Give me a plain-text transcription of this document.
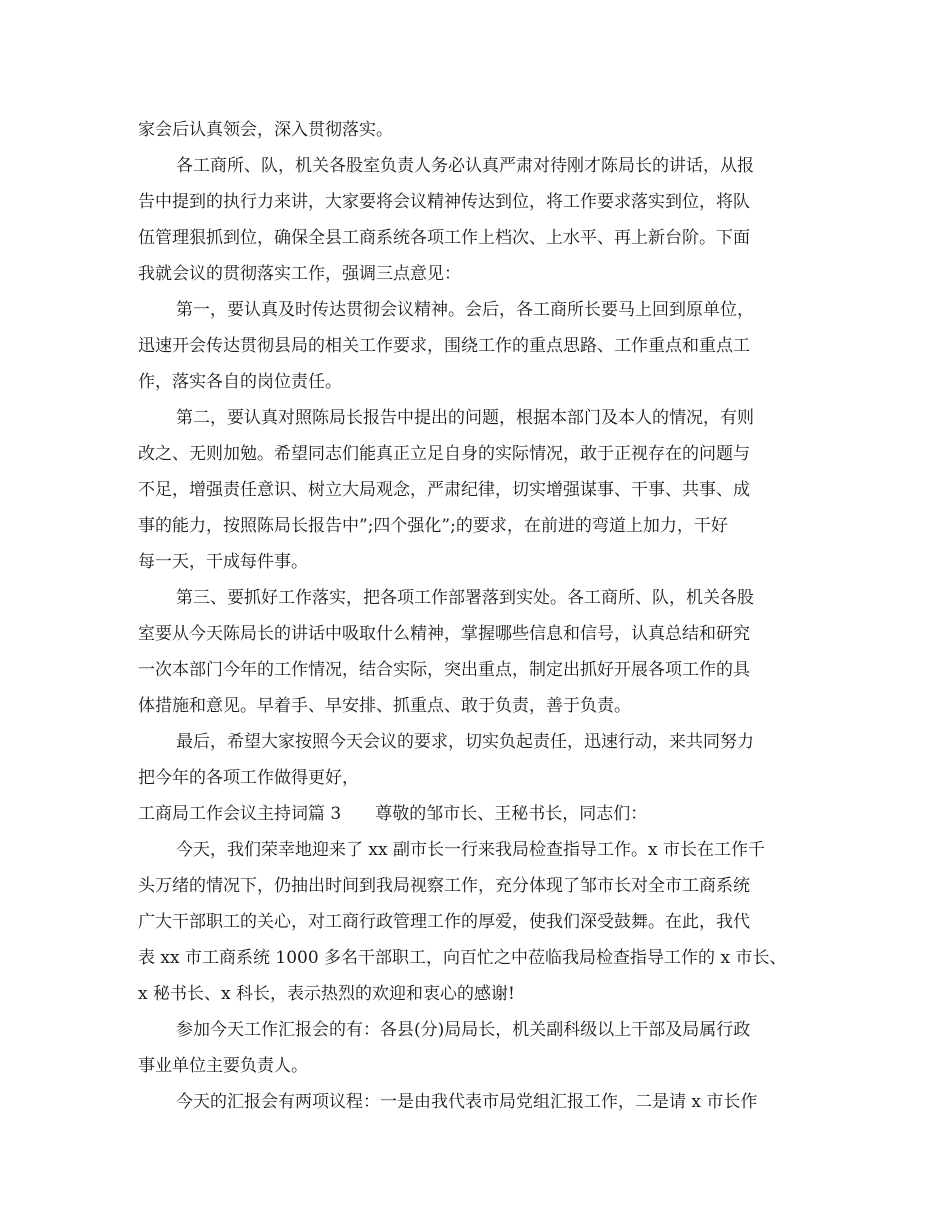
家会后认真领会，深入贯彻落实。
各工商所、队，机关各股室负责人务必认真严肃对待刚才陈局长的讲话，从报
告中提到的执行力来讲，大家要将会议精神传达到位，将工作要求落实到位，将队
伍管理狠抓到位，确保全县工商系统各项工作上档次、上水平、再上新台阶。下面
我就会议的贯彻落实工作，强调三点意见：
第一，要认真及时传达贯彻会议精神。会后，各工商所长要马上回到原单位，
迅速开会传达贯彻县局的相关工作要求，围绕工作的重点思路、工作重点和重点工
作，落实各自的岗位责任。
第二，要认真对照陈局长报告中提出的问题，根据本部门及本人的情况，有则
改之、无则加勉。希望同志们能真正立足自身的实际情况，敢于正视存在的问题与
不足，增强责任意识、树立大局观念，严肃纪律，切实增强谋事、干事、共事、成
事的能力，按照陈局长报告中”;四个强化”;的要求，在前进的弯道上加力，干好
每一天，干成每件事。
第三、要抓好工作落实，把各项工作部署落到实处。各工商所、队，机关各股
室要从今天陈局长的讲话中吸取什么精神，掌握哪些信息和信号，认真总结和研究
一次本部门今年的工作情况，结合实际，突出重点，制定出抓好开展各项工作的具
体措施和意见。早着手、早安排、抓重点、敢于负责，善于负责。
最后，希望大家按照今天会议的要求，切实负起责任，迅速行动，来共同努力
把今年的各项工作做得更好，
工商局工作会议主持词篇 3　　尊敬的邹市长、王秘书长，同志们：
今天，我们荣幸地迎来了 xx 副市长一行来我局检查指导工作。x 市长在工作千
头万绪的情况下，仍抽出时间到我局视察工作，充分体现了邹市长对全市工商系统
广大干部职工的关心，对工商行政管理工作的厚爱，使我们深受鼓舞。在此，我代
表 xx 市工商系统 1000 多名干部职工，向百忙之中莅临我局检查指导工作的 x 市长、
x 秘书长、x 科长，表示热烈的欢迎和衷心的感谢!
参加今天工作汇报会的有：各县(分)局局长，机关副科级以上干部及局属行政
事业单位主要负责人。
今天的汇报会有两项议程：一是由我代表市局党组汇报工作，二是请 x 市长作
